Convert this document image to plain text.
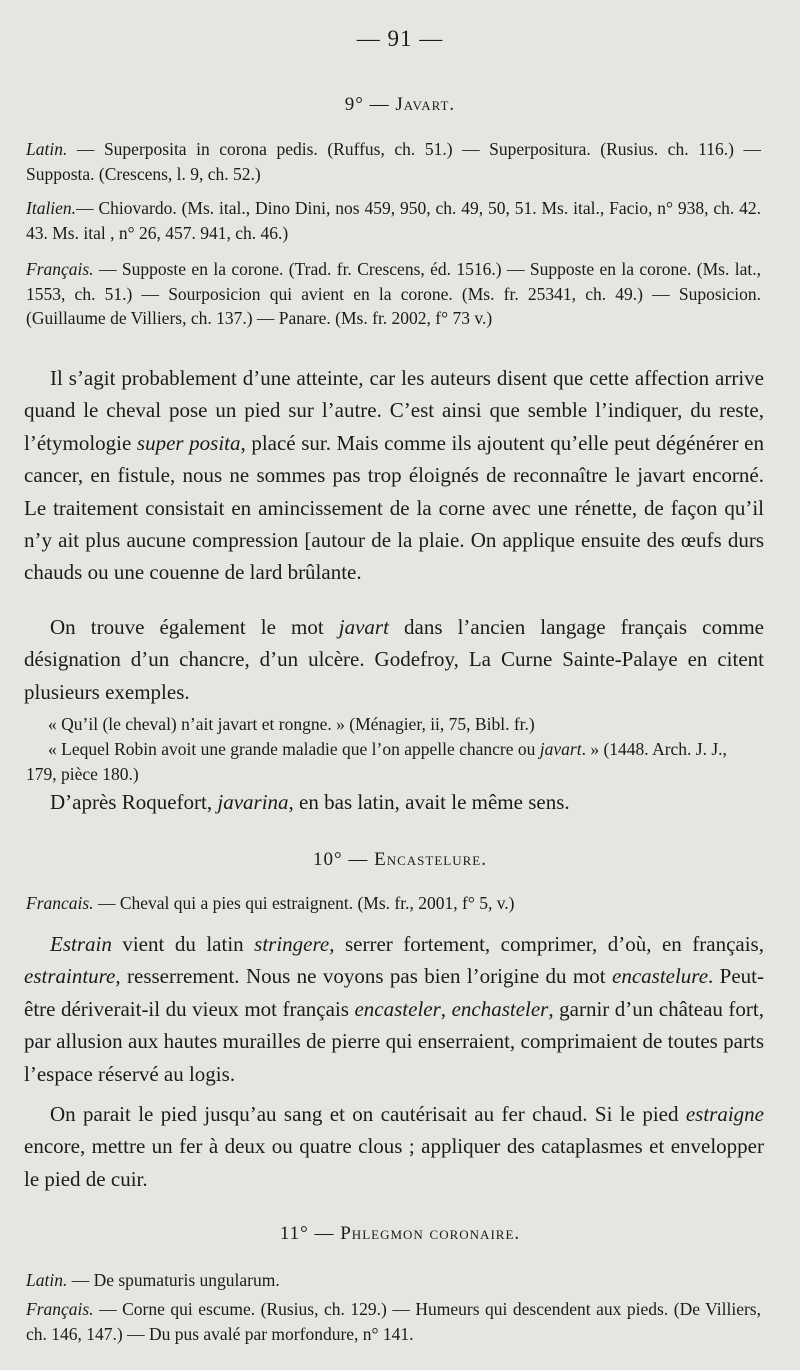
— 91 —
9° — Javart.

Latin. — Superposita in corona pedis. (Ruffus, ch. 51.) — Superpositura. (Rusius. ch. 116.) — Supposta. (Crescens, l. 9, ch. 52.)

Italien.— Chiovardo. (Ms. ital., Dino Dini, nos 459, 950, ch. 49, 50, 51. Ms. ital., Facio, n° 938, ch. 42. 43. Ms. ital , n° 26, 457. 941, ch. 46.)

Français. — Supposte en la corone. (Trad. fr. Crescens, éd. 1516.) — Supposte en la corone. (Ms. lat., 1553, ch. 51.) — Sourposicion qui avient en la corone. (Ms. fr. 25341, ch. 49.) — Suposicion. (Guillaume de Villiers, ch. 137.) — Panare. (Ms. fr. 2002, f° 73 v.)

Il s’agit probablement d’une atteinte, car les auteurs disent que cette affection arrive quand le cheval pose un pied sur l’autre. C’est ainsi que semble l’indiquer, du reste, l’étymologie super posita, placé sur. Mais comme ils ajoutent qu’elle peut dégénérer en cancer, en fistule, nous ne sommes pas trop éloignés de reconnaître le javart encorné. Le traitement consistait en amincissement de la corne avec une rénette, de façon qu’il n’y ait plus aucune compression [autour de la plaie. On applique ensuite des œufs durs chauds ou une couenne de lard brûlante.

On trouve également le mot javart dans l’ancien langage français comme désignation d’un chancre, d’un ulcère. Godefroy, La Curne Sainte-Palaye en citent plusieurs exemples.

« Qu’il (le cheval) n’ait javart et rongne. » (Ménagier, ii, 75, Bibl. fr.)

« Lequel Robin avoit une grande maladie que l’on appelle chancre ou javart. » (1448. Arch. J. J., 179, pièce 180.)

D’après Roquefort, javarina, en bas latin, avait le même sens.

10° — Encastelure.

Francais. — Cheval qui a pies qui estraignent. (Ms. fr., 2001, f° 5, v.)

Estrain vient du latin stringere, serrer fortement, comprimer, d’où, en français, estrainture, resserrement. Nous ne voyons pas bien l’origine du mot encastelure. Peut-être dériverait-il du vieux mot français encasteler, enchasteler, garnir d’un château fort, par allusion aux hautes murailles de pierre qui enserraient, comprimaient de toutes parts l’espace réservé au logis.

On parait le pied jusqu’au sang et on cautérisait au fer chaud. Si le pied estraigne encore, mettre un fer à deux ou quatre clous ; appliquer des cataplasmes et envelopper le pied de cuir.

11° — Phlegmon coronaire.

Latin. — De spumaturis ungularum.

Français. — Corne qui escume. (Rusius, ch. 129.) — Humeurs qui descendent aux pieds. (De Villiers, ch. 146, 147.) — Du pus avalé par morfondure, n° 141.
